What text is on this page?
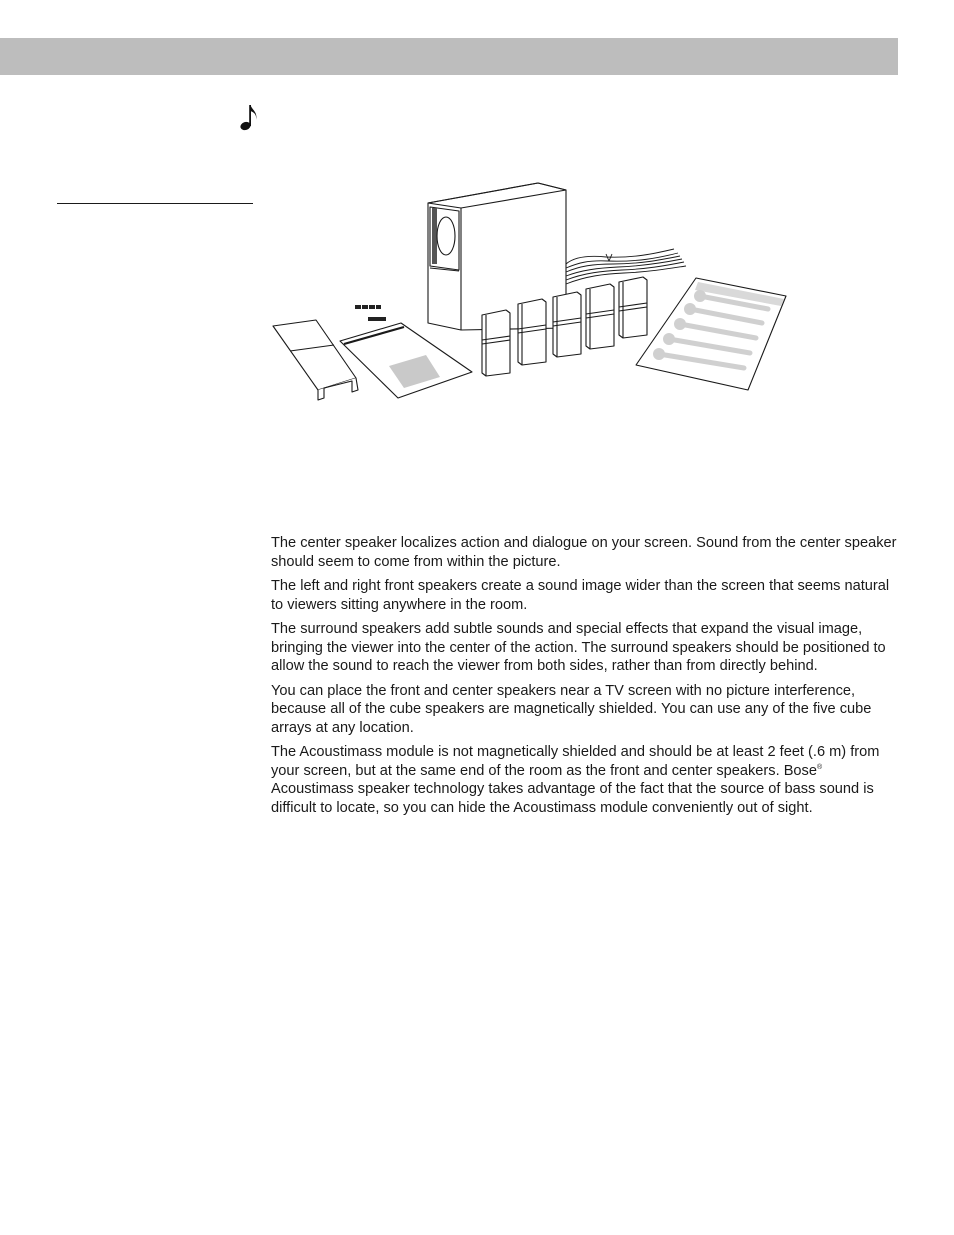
The center speaker localizes action and dialogue on your screen. Sound from the center speaker should seem to come from within the picture.

The left and right front speakers create a sound image wider than the screen that seems natural to viewers sitting anywhere in the room.

The surround speakers add subtle sounds and special effects that expand the visual image, bringing the viewer into the center of the action. The surround speakers should be positioned to allow the sound to reach the viewer from both sides, rather than from directly behind.

You can place the front and center speakers near a TV screen with no picture interference, because all of the cube speakers are magnetically shielded. You can use any of the five cube arrays at any location.

The Acoustimass module is not magnetically shielded and should be at least 2 feet (.6 m) from your screen, but at the same end of the room as the front and center speakers. Bose® Acoustimass speaker technology takes advantage of the fact that the source of bass sound is difficult to locate, so you can hide the Acoustimass module conveniently out of sight.
